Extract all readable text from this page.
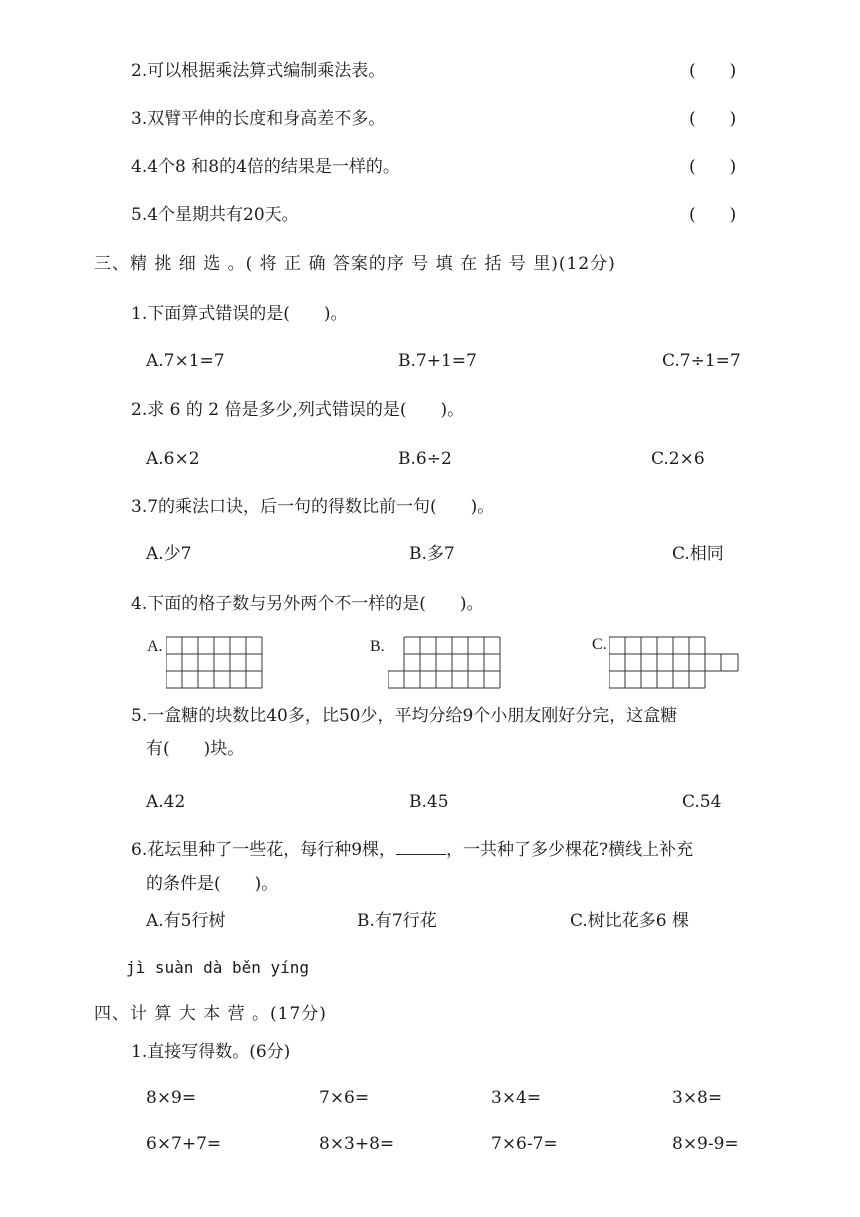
2.可以根据乘法算式编制乘法表。	(　　)
3.双臂平伸的长度和身高差不多。	(　　)
4.4个8 和8的4倍的结果是一样的。	(　　)
5.4个星期共有20天。	(　　)
三、精 挑 细 选 。( 将 正 确 答案的序 号 填 在 括 号 里)(12分)
1.下面算式错误的是(　　)。
A.7×1=7	B.7+1=7	C.7÷1=7
2.求 6 的 2 倍是多少,列式错误的是(　　)。
A.6×2	B.6÷2	C.2×6
3.7的乘法口诀，后一句的得数比前一句(　　)。
A.少7	B.多7	C.相同
4.下面的格子数与另外两个不一样的是(　　)。
A.	B.	C.
5.一盒糖的块数比40多，比50少，平均分给9个小朋友刚好分完，这盒糖
有(　　)块。
A.42	B.45	C.54
6.花坛里种了一些花，每行种9棵，	，一共种了多少棵花?横线上补充
的条件是(　　)。
A.有5行树	B.有7行花	C.树比花多6 棵
jì suàn dà běn yíng
四、计 算 大 本 营 。(17分)
1.直接写得数。(6分)
8×9=	7×6=	3×4=	3×8=
6×7+7=	8×3+8=	7×6-7=	8×9-9=
